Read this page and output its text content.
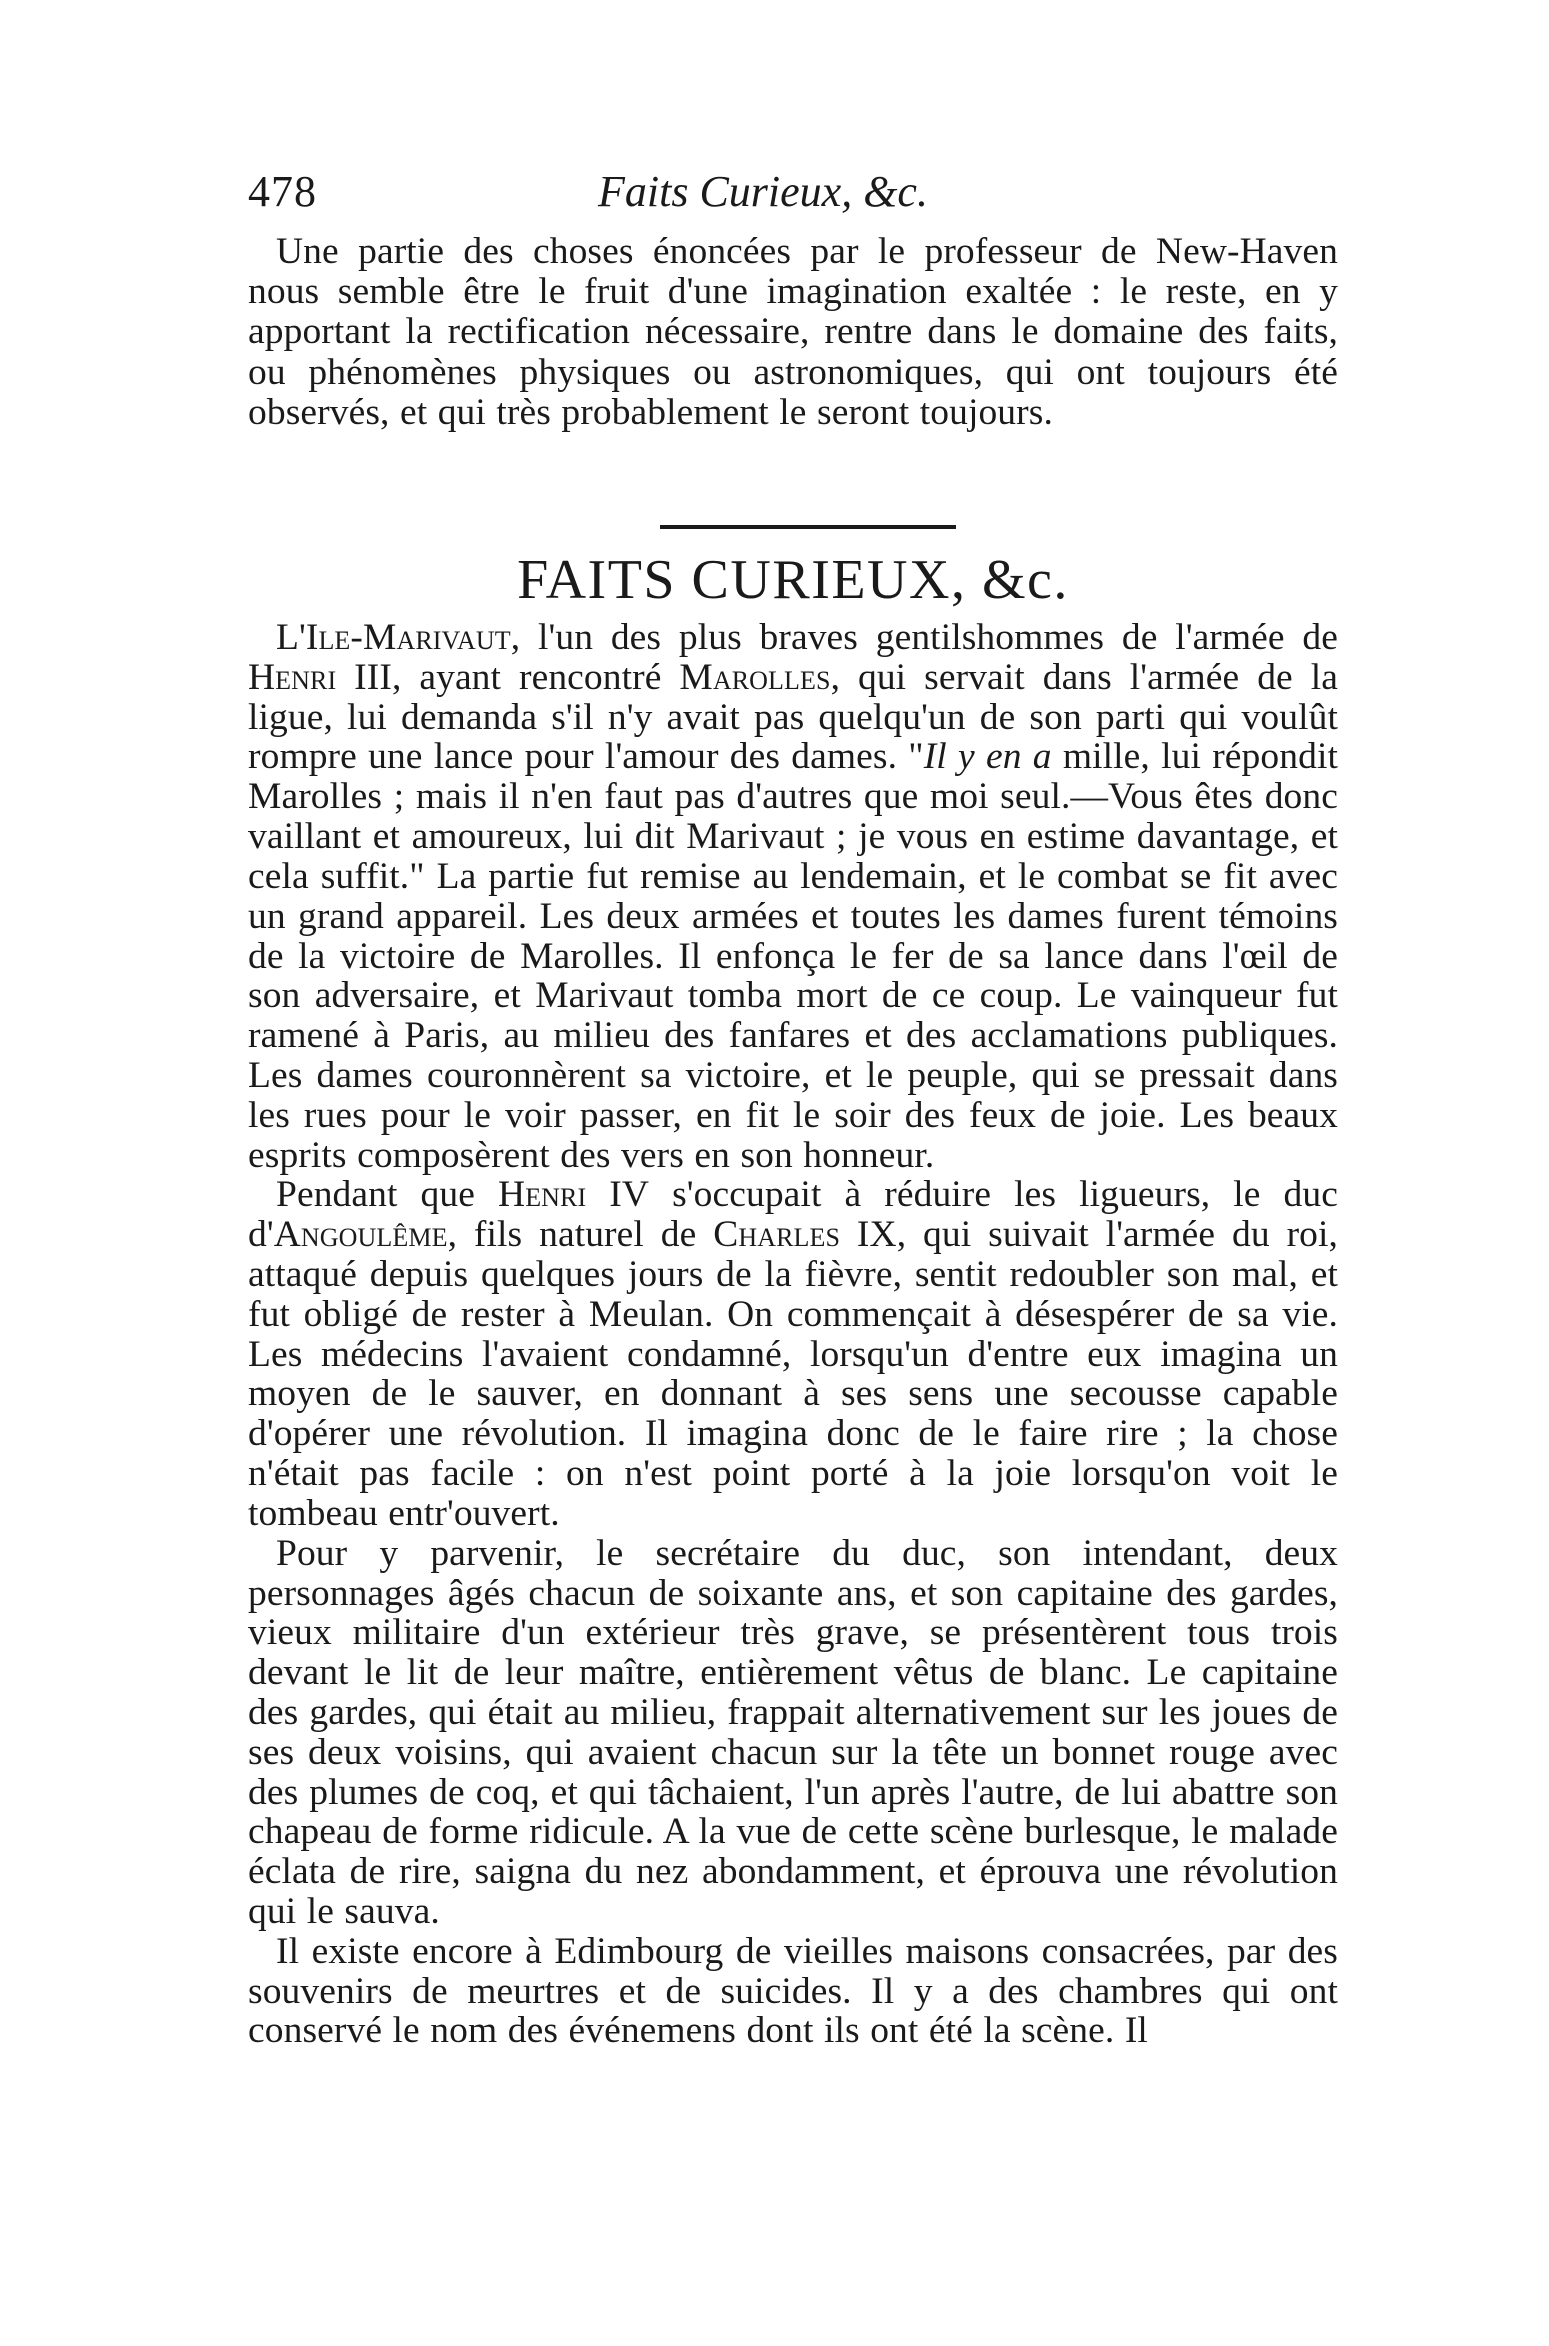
478	Faits Curieux, &c.
Une partie des choses énoncées par le professeur de New-Haven nous semble être le fruit d'une imagination exaltée : le reste, en y apportant la rectification nécessaire, rentre dans le domaine des faits, ou phénomènes physiques ou astronomiques, qui ont toujours été observés, et qui très probablement le seront toujours.
FAITS CURIEUX, &c.

L'Ile-Marivaut, l'un des plus braves gentilshommes de l'armée de Henri III, ayant rencontré Marolles, qui servait dans l'armée de la ligue, lui demanda s'il n'y avait pas quelqu'un de son parti qui voulût rompre une lance pour l'amour des dames. "Il y en a mille, lui répondit Marolles ; mais il n'en faut pas d'autres que moi seul.—Vous êtes donc vaillant et amoureux, lui dit Marivaut ; je vous en estime davantage, et cela suffit." La partie fut remise au lendemain, et le combat se fit avec un grand appareil. Les deux armées et toutes les dames furent témoins de la victoire de Marolles. Il enfonça le fer de sa lance dans l'œil de son adversaire, et Marivaut tomba mort de ce coup. Le vainqueur fut ramené à Paris, au milieu des fanfares et des acclamations publiques. Les dames couronnèrent sa victoire, et le peuple, qui se pressait dans les rues pour le voir passer, en fit le soir des feux de joie. Les beaux esprits composèrent des vers en son honneur.

Pendant que Henri IV s'occupait à réduire les ligueurs, le duc d'Angoulême, fils naturel de Charles IX, qui suivait l'armée du roi, attaqué depuis quelques jours de la fièvre, sentit redoubler son mal, et fut obligé de rester à Meulan. On commençait à désespérer de sa vie. Les médecins l'avaient condamné, lorsqu'un d'entre eux imagina un moyen de le sauver, en donnant à ses sens une secousse capable d'opérer une révolution. Il imagina donc de le faire rire ; la chose n'était pas facile : on n'est point porté à la joie lorsqu'on voit le tombeau entr'ouvert.

Pour y parvenir, le secrétaire du duc, son intendant, deux personnages âgés chacun de soixante ans, et son capitaine des gardes, vieux militaire d'un extérieur très grave, se présentèrent tous trois devant le lit de leur maître, entièrement vêtus de blanc. Le capitaine des gardes, qui était au milieu, frappait alternativement sur les joues de ses deux voisins, qui avaient chacun sur la tête un bonnet rouge avec des plumes de coq, et qui tâchaient, l'un après l'autre, de lui abattre son chapeau de forme ridicule. A la vue de cette scène burlesque, le malade éclata de rire, saigna du nez abondamment, et éprouva une révolution qui le sauva.

Il existe encore à Edimbourg de vieilles maisons consacrées, par des souvenirs de meurtres et de suicides. Il y a des chambres qui ont conservé le nom des événemens dont ils ont été la scène. Il
